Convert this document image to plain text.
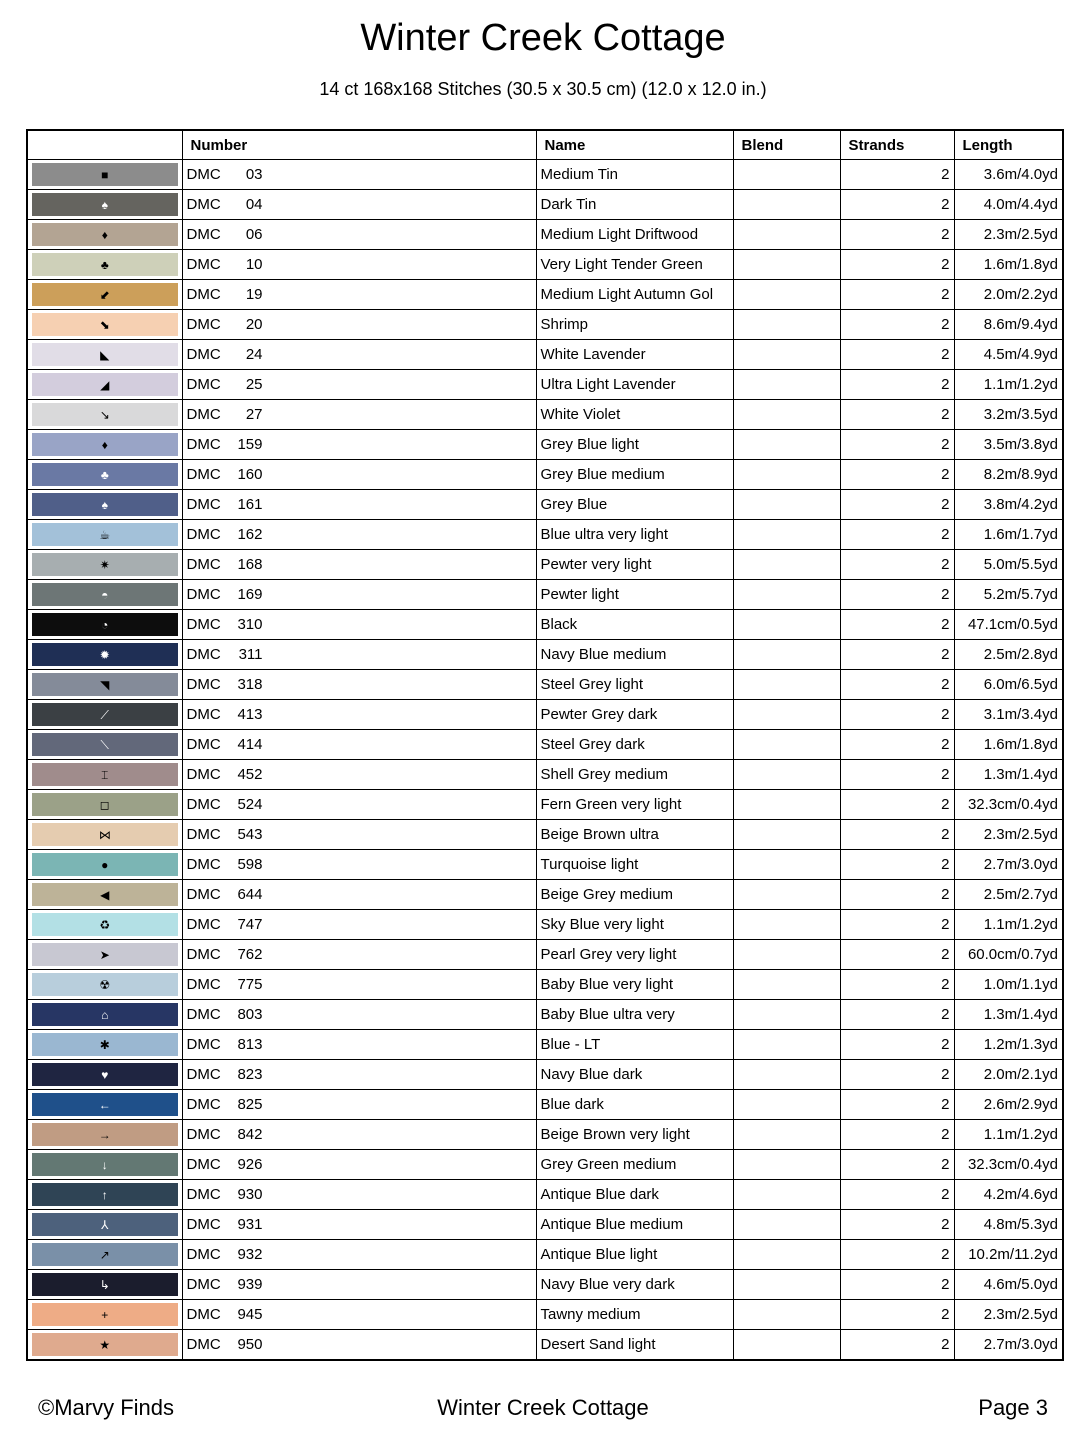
Winter Creek Cottage
14 ct 168x168 Stitches (30.5 x 30.5 cm) (12.0 x 12.0 in.)
	Number	Name	Blend	Strands	Length

■	DMC 03	Medium Tin		2	3.6m/4.0yd

♠	DMC 04	Dark Tin		2	4.0m/4.4yd

♦	DMC 06	Medium Light Driftwood		2	2.3m/2.5yd

♣	DMC 10	Very Light Tender Green		2	1.6m/1.8yd

⬋	DMC 19	Medium Light Autumn Gol		2	2.0m/2.2yd

⬊	DMC 20	Shrimp		2	8.6m/9.4yd

◣	DMC 24	White Lavender		2	4.5m/4.9yd

◢	DMC 25	Ultra Light Lavender		2	1.1m/1.2yd

↘	DMC 27	White Violet		2	3.2m/3.5yd

♦	DMC 159	Grey Blue light		2	3.5m/3.8yd

♣	DMC 160	Grey Blue medium		2	8.2m/8.9yd

♠	DMC 161	Grey Blue		2	3.8m/4.2yd

☕	DMC 162	Blue ultra very light		2	1.6m/1.7yd

✷	DMC 168	Pewter very light		2	5.0m/5.5yd

◓	DMC 169	Pewter light		2	5.2m/5.7yd

◔	DMC 310	Black		2	47.1cm/0.5yd

✹	DMC 311	Navy Blue medium		2	2.5m/2.8yd

◥	DMC 318	Steel Grey light		2	6.0m/6.5yd

⟋	DMC 413	Pewter Grey dark		2	3.1m/3.4yd

⟍	DMC 414	Steel Grey dark		2	1.6m/1.8yd

⌶	DMC 452	Shell Grey medium		2	1.3m/1.4yd

◻	DMC 524	Fern Green very light		2	32.3cm/0.4yd

⋈	DMC 543	Beige Brown ultra		2	2.3m/2.5yd

●	DMC 598	Turquoise light		2	2.7m/3.0yd

◀	DMC 644	Beige Grey medium		2	2.5m/2.7yd

♻	DMC 747	Sky Blue very light		2	1.1m/1.2yd

➤	DMC 762	Pearl Grey very light		2	60.0cm/0.7yd

☢	DMC 775	Baby Blue very light		2	1.0m/1.1yd

⌂	DMC 803	Baby Blue ultra very		2	1.3m/1.4yd

✱	DMC 813	Blue - LT		2	1.2m/1.3yd

♥	DMC 823	Navy Blue dark		2	2.0m/2.1yd

←	DMC 825	Blue dark		2	2.6m/2.9yd

→	DMC 842	Beige Brown very light		2	1.1m/1.2yd

↓	DMC 926	Grey Green medium		2	32.3cm/0.4yd

↑	DMC 930	Antique Blue dark		2	4.2m/4.6yd

⅄	DMC 931	Antique Blue medium		2	4.8m/5.3yd

↗	DMC 932	Antique Blue light		2	10.2m/11.2yd

↳	DMC 939	Navy Blue very dark		2	4.6m/5.0yd

+	DMC 945	Tawny medium		2	2.3m/2.5yd

★	DMC 950	Desert Sand light		2	2.7m/3.0yd
©Marvy Finds	Winter Creek Cottage	Page 3
